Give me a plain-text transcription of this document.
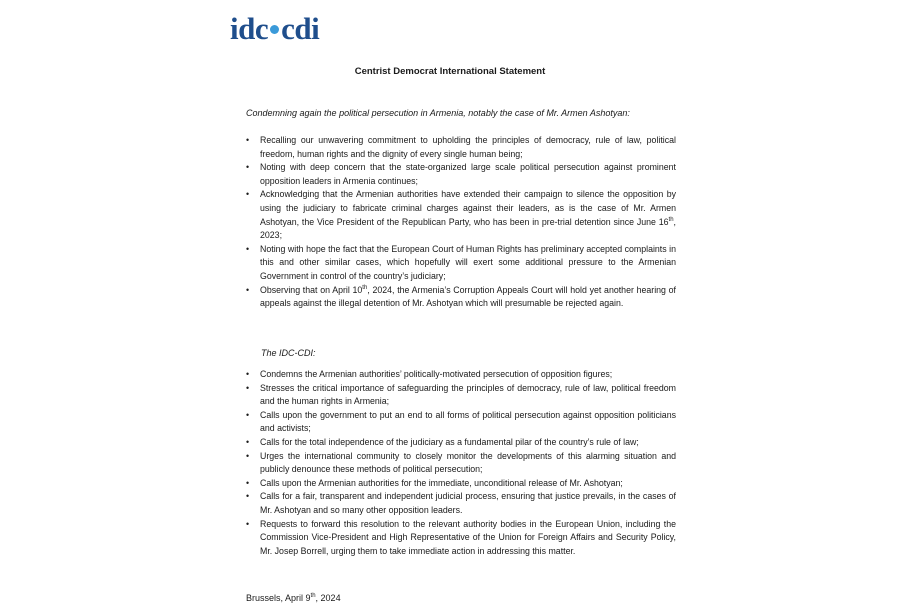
idc cdi
Centrist Democrat International Statement
Condemning again the political persecution in Armenia, notably the case of Mr. Armen Ashotyan:
• Recalling our unwavering commitment to upholding the principles of democracy, rule of law, political freedom, human rights and the dignity of every single human being;
• Noting with deep concern that the state-organized large scale political persecution against prominent opposition leaders in Armenia continues;
• Acknowledging that the Armenian authorities have extended their campaign to silence the opposition by using the judiciary to fabricate criminal charges against their leaders, as is the case of Mr. Armen Ashotyan, the Vice President of the Republican Party, who has been in pre-trial detention since June 16th, 2023;
• Noting with hope the fact that the European Court of Human Rights has preliminary accepted complaints in this and other similar cases, which hopefully will exert some additional pressure to the Armenian Government in control of the country’s judiciary;
• Observing that on April 10th, 2024, the Armenia’s Corruption Appeals Court will hold yet another hearing of appeals against the illegal detention of Mr. Ashotyan which will presumable be rejected again.
The IDC-CDI:
• Condemns the Armenian authorities’ politically-motivated persecution of opposition figures;
• Stresses the critical importance of safeguarding the principles of democracy, rule of law, political freedom and the human rights in Armenia;
• Calls upon the government to put an end to all forms of political persecution against opposition politicians and activists;
• Calls for the total independence of the judiciary as a fundamental pilar of the country’s rule of law;
• Urges the international community to closely monitor the developments of this alarming situation and publicly denounce these methods of political persecution;
• Calls upon the Armenian authorities for the immediate, unconditional release of Mr. Ashotyan;
• Calls for a fair, transparent and independent judicial process, ensuring that justice prevails, in the cases of Mr. Ashotyan and so many other opposition leaders.
• Requests to forward this resolution to the relevant authority bodies in the European Union, including the Commission Vice-President and High Representative of the Union for Foreign Affairs and Security Policy, Mr. Josep Borrell, urging them to take immediate action in addressing this matter.
Brussels, April 9th, 2024
